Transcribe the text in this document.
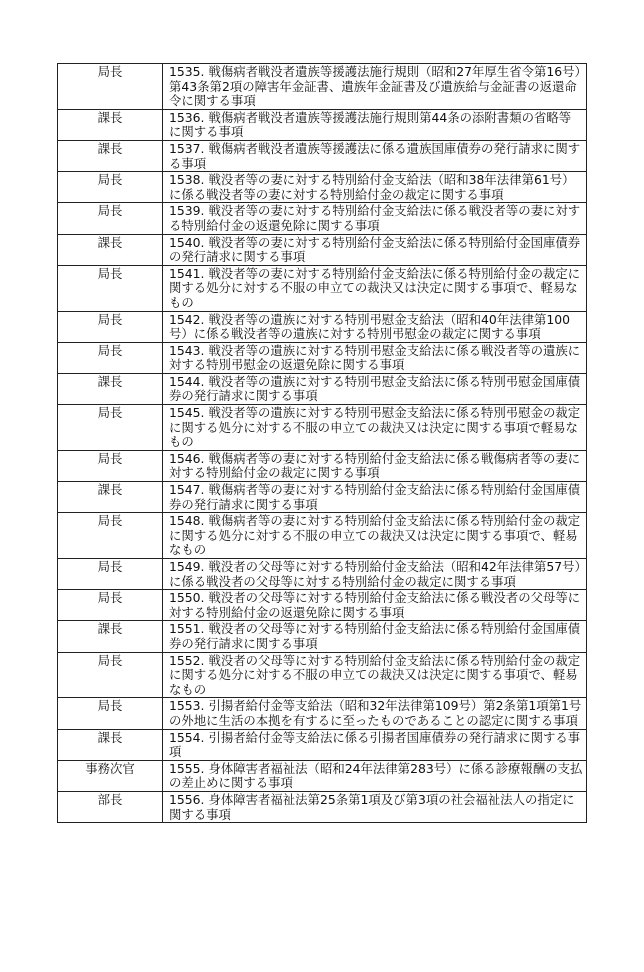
局長	1535. 戦傷病者戦没者遺族等援護法施行規則（昭和27年厚生省令第16号）第43条第2項の障害年金証書、遺族年金証書及び遺族給与金証書の返還命令に関する事項
課長	1536. 戦傷病者戦没者遺族等援護法施行規則第44条の添附書類の省略等に関する事項
課長	1537. 戦傷病者戦没者遺族等援護法に係る遺族国庫債券の発行請求に関する事項
局長	1538. 戦没者等の妻に対する特別給付金支給法（昭和38年法律第61号）に係る戦没者等の妻に対する特別給付金の裁定に関する事項
局長	1539. 戦没者等の妻に対する特別給付金支給法に係る戦没者等の妻に対する特別給付金の返還免除に関する事項
課長	1540. 戦没者等の妻に対する特別給付金支給法に係る特別給付金国庫債券の発行請求に関する事項
局長	1541. 戦没者等の妻に対する特別給付金支給法に係る特別給付金の裁定に関する処分に対する不服の申立ての裁決又は決定に関する事項で、軽易なもの
局長	1542. 戦没者等の遺族に対する特別弔慰金支給法（昭和40年法律第100号）に係る戦没者等の遺族に対する特別弔慰金の裁定に関する事項
局長	1543. 戦没者等の遺族に対する特別弔慰金支給法に係る戦没者等の遺族に対する特別弔慰金の返還免除に関する事項
課長	1544. 戦没者等の遺族に対する特別弔慰金支給法に係る特別弔慰金国庫債券の発行請求に関する事項
局長	1545. 戦没者等の遺族に対する特別弔慰金支給法に係る特別弔慰金の裁定に関する処分に対する不服の申立ての裁決又は決定に関する事項で軽易なもの
局長	1546. 戦傷病者等の妻に対する特別給付金支給法に係る戦傷病者等の妻に対する特別給付金の裁定に関する事項
課長	1547. 戦傷病者等の妻に対する特別給付金支給法に係る特別給付金国庫債券の発行請求に関する事項
局長	1548. 戦傷病者等の妻に対する特別給付金支給法に係る特別給付金の裁定に関する処分に対する不服の申立ての裁決又は決定に関する事項で、軽易なもの
局長	1549. 戦没者の父母等に対する特別給付金支給法（昭和42年法律第57号）に係る戦没者の父母等に対する特別給付金の裁定に関する事項
局長	1550. 戦没者の父母等に対する特別給付金支給法に係る戦没者の父母等に対する特別給付金の返還免除に関する事項
課長	1551. 戦没者の父母等に対する特別給付金支給法に係る特別給付金国庫債券の発行請求に関する事項
局長	1552. 戦没者の父母等に対する特別給付金支給法に係る特別給付金の裁定に関する処分に対する不服の申立ての裁決又は決定に関する事項で、軽易なもの
局長	1553. 引揚者給付金等支給法（昭和32年法律第109号）第2条第1項第1号の外地に生活の本拠を有するに至ったものであることの認定に関する事項
課長	1554. 引揚者給付金等支給法に係る引揚者国庫債券の発行請求に関する事項
事務次官	1555. 身体障害者福祉法（昭和24年法律第283号）に係る診療報酬の支払の差止めに関する事項
部長	1556. 身体障害者福祉法第25条第1項及び第3項の社会福祉法人の指定に関する事項
